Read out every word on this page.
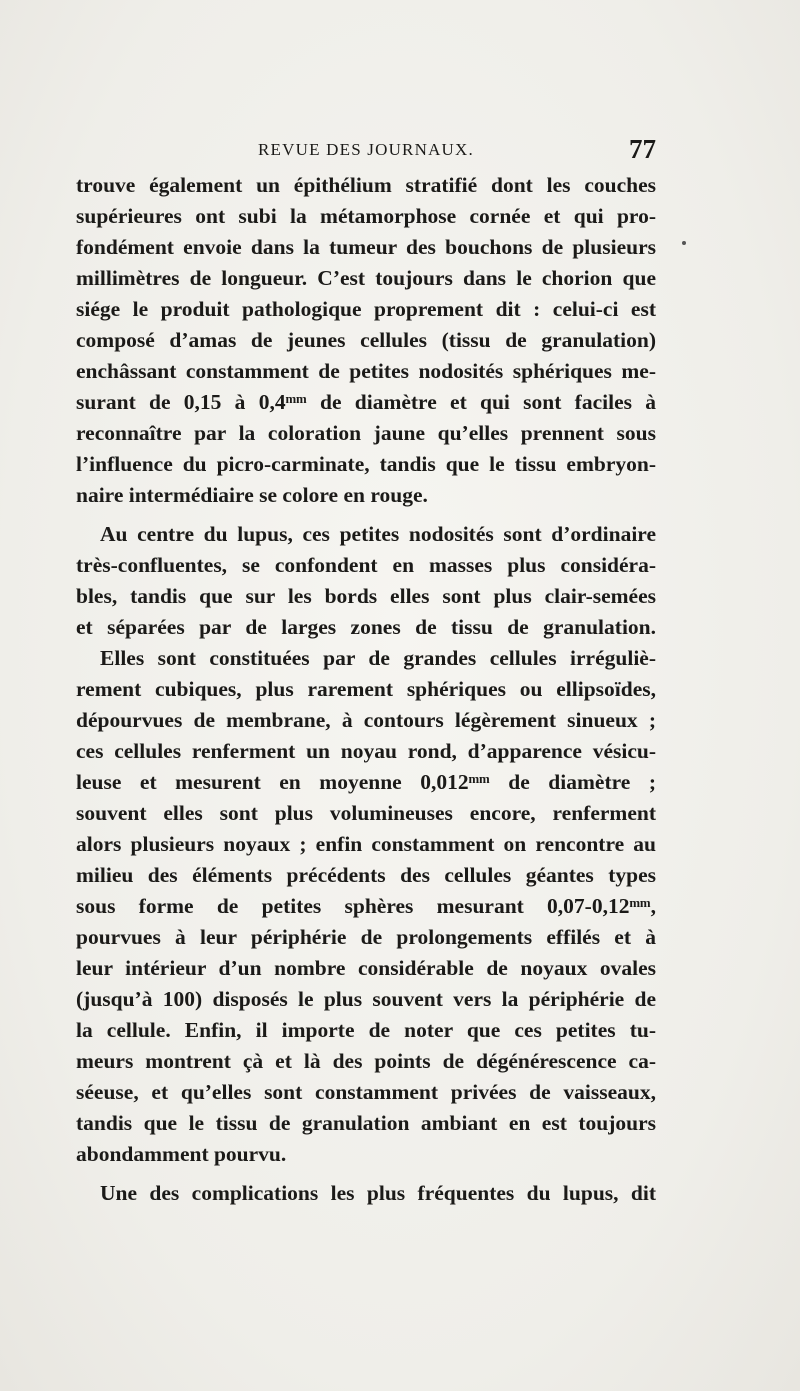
REVUE DES JOURNAUX.	77
trouve également un épithélium stratifié dont les couches
supérieures ont subi la métamorphose cornée et qui pro-
fondément envoie dans la tumeur des bouchons de plusieurs
millimètres de longueur. C’est toujours dans le chorion que
siége le produit pathologique proprement dit : celui-ci est
composé d’amas de jeunes cellules (tissu de granulation)
enchâssant constamment de petites nodosités sphériques me-
surant de 0,15 à 0,4ᵐᵐ de diamètre et qui sont faciles à
reconnaître par la coloration jaune qu’elles prennent sous
l’influence du picro-carminate, tandis que le tissu embryon-
naire intermédiaire se colore en rouge.
Au centre du lupus, ces petites nodosités sont d’ordinaire
très-confluentes, se confondent en masses plus considéra-
bles, tandis que sur les bords elles sont plus clair-semées
et séparées par de larges zones de tissu de granulation.
Elles sont constituées par de grandes cellules irréguliè-
rement cubiques, plus rarement sphériques ou ellipsoïdes,
dépourvues de membrane, à contours légèrement sinueux ;
ces cellules renferment un noyau rond, d’apparence vésicu-
leuse et mesurent en moyenne 0,012ᵐᵐ de diamètre ;
souvent elles sont plus volumineuses encore, renferment
alors plusieurs noyaux ; enfin constamment on rencontre au
milieu des éléments précédents des cellules géantes types
sous forme de petites sphères mesurant 0,07-0,12ᵐᵐ,
pourvues à leur périphérie de prolongements effilés et à
leur intérieur d’un nombre considérable de noyaux ovales
(jusqu’à 100) disposés le plus souvent vers la périphérie de
la cellule. Enfin, il importe de noter que ces petites tu-
meurs montrent çà et là des points de dégénérescence ca-
séeuse, et qu’elles sont constamment privées de vaisseaux,
tandis que le tissu de granulation ambiant en est toujours
abondamment pourvu.
Une des complications les plus fréquentes du lupus, dit
